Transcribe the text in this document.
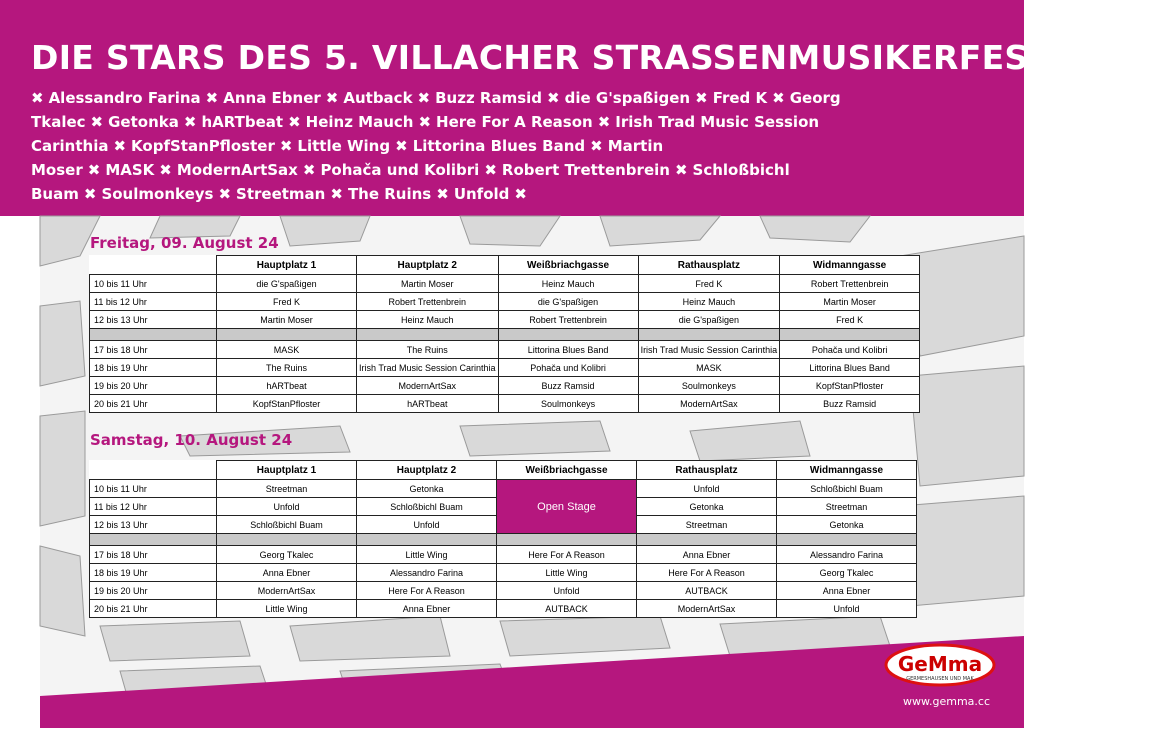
DIE STARS DES 5. VILLACHER STRASSENMUSIKERFESTIVALS
✖ Alessandro Farina ✖ Anna Ebner ✖ Autback ✖ Buzz Ramsid ✖ die G'spaßigen ✖ Fred K ✖ Georg Tkalec ✖ Getonka ✖ hARTbeat ✖ Heinz Mauch ✖ Here For A Reason ✖ Irish Trad Music Session Carinthia ✖ KopfStanPfloster ✖ Little Wing ✖ Littorina Blues Band ✖ Martin Moser ✖ MASK ✖ ModernArtSax ✖ Pohača und Kolibri ✖ Robert Trettenbrein ✖ Schloßbichl Buam ✖ Soulmonkeys ✖ Streetman ✖ The Ruins ✖ Unfold ✖
Freitag, 09. August 24
	Hauptplatz 1	Hauptplatz 2	Weißbriachgasse	Rathausplatz	Widmanngasse
10 bis 11 Uhr	die G'spaßigen	Martin Moser	Heinz Mauch	Fred K	Robert Trettenbrein
11 bis 12 Uhr	Fred K	Robert Trettenbrein	die G'spaßigen	Heinz Mauch	Martin Moser
12 bis 13 Uhr	Martin Moser	Heinz Mauch	Robert Trettenbrein	die G'spaßigen	Fred K

17 bis 18 Uhr	MASK	The Ruins	Littorina Blues Band	Irish Trad Music Session Carinthia	Pohača und Kolibri
18 bis 19 Uhr	The Ruins	Irish Trad Music Session Carinthia	Pohača und Kolibri	MASK	Littorina Blues Band
19 bis 20 Uhr	hARTbeat	ModernArtSax	Buzz Ramsid	Soulmonkeys	KopfStanPfloster
20 bis 21 Uhr	KopfStanPfloster	hARTbeat	Soulmonkeys	ModernArtSax	Buzz Ramsid
Samstag, 10. August 24
	Hauptplatz 1	Hauptplatz 2	Weißbriachgasse	Rathausplatz	Widmanngasse
10 bis 11 Uhr	Streetman	Getonka	Open Stage	Unfold	Schloßbichl Buam
11 bis 12 Uhr	Unfold	Schloßbichl Buam		Getonka	Streetman
12 bis 13 Uhr	Schloßbichl Buam	Unfold		Streetman	Getonka

17 bis 18 Uhr	Georg Tkalec	Little Wing	Here For A Reason	Anna Ebner	Alessandro Farina
18 bis 19 Uhr	Anna Ebner	Alessandro Farina	Little Wing	Here For A Reason	Georg Tkalec
19 bis 20 Uhr	ModernArtSax	Here For A Reason	Unfold	AUTBACK	Anna Ebner
20 bis 21 Uhr	Little Wing	Anna Ebner	AUTBACK	ModernArtSax	Unfold
GeMma
GERMESHAUSEN UND MAK
www.gemma.cc
